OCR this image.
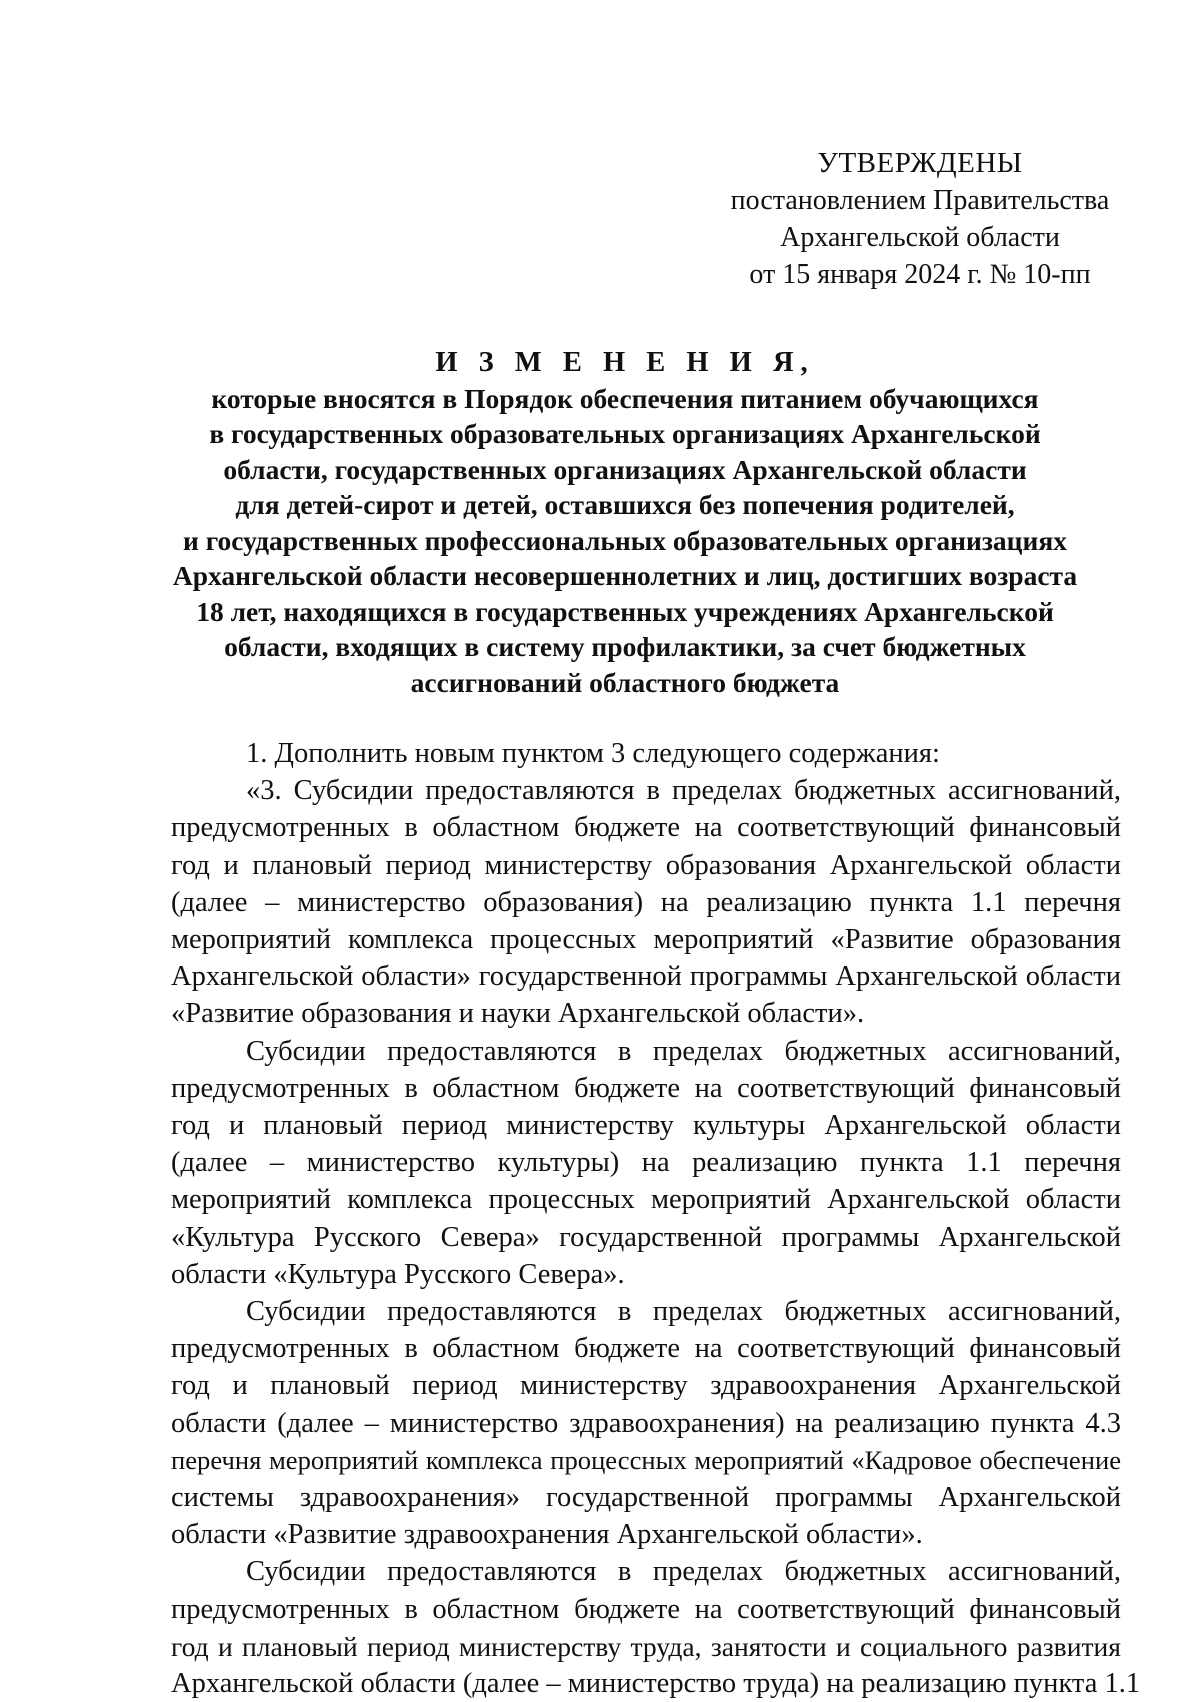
УТВЕРЖДЕНЫ
постановлением Правительства
Архангельской области
от 15 января 2024 г. № 10-пп
И З М Е Н Е Н И Я,
которые вносятся в Порядок обеспечения питанием обучающихся
в государственных образовательных организациях Архангельской
области, государственных организациях Архангельской области
для детей-сирот и детей, оставшихся без попечения родителей,
и государственных профессиональных образовательных организациях
Архангельской области несовершеннолетних и лиц, достигших возраста
18 лет, находящихся в государственных учреждениях Архангельской
области, входящих в систему профилактики, за счет бюджетных
ассигнований областного бюджета
1. Дополнить новым пунктом 3 следующего содержания:
«3. Субсидии предоставляются в пределах бюджетных ассигнований,
предусмотренных в областном бюджете на соответствующий финансовый
год и плановый период министерству образования Архангельской области
(далее – министерство образования) на реализацию пункта 1.1 перечня
мероприятий комплекса процессных мероприятий «Развитие образования
Архангельской области» государственной программы Архангельской области
«Развитие образования и науки Архангельской области».
Субсидии предоставляются в пределах бюджетных ассигнований,
предусмотренных в областном бюджете на соответствующий финансовый
год и плановый период министерству культуры Архангельской области
(далее – министерство культуры) на реализацию пункта 1.1 перечня
мероприятий комплекса процессных мероприятий Архангельской области
«Культура Русского Севера» государственной программы Архангельской
области «Культура Русского Севера».
Субсидии предоставляются в пределах бюджетных ассигнований,
предусмотренных в областном бюджете на соответствующий финансовый
год и плановый период министерству здравоохранения Архангельской
области (далее – министерство здравоохранения) на реализацию пункта 4.3
перечня мероприятий комплекса процессных мероприятий «Кадровое обеспечение
системы здравоохранения» государственной программы Архангельской
области «Развитие здравоохранения Архангельской области».
Субсидии предоставляются в пределах бюджетных ассигнований,
предусмотренных в областном бюджете на соответствующий финансовый
год и плановый период министерству труда, занятости и социального развития
Архангельской области (далее – министерство труда) на реализацию пункта 1.1
